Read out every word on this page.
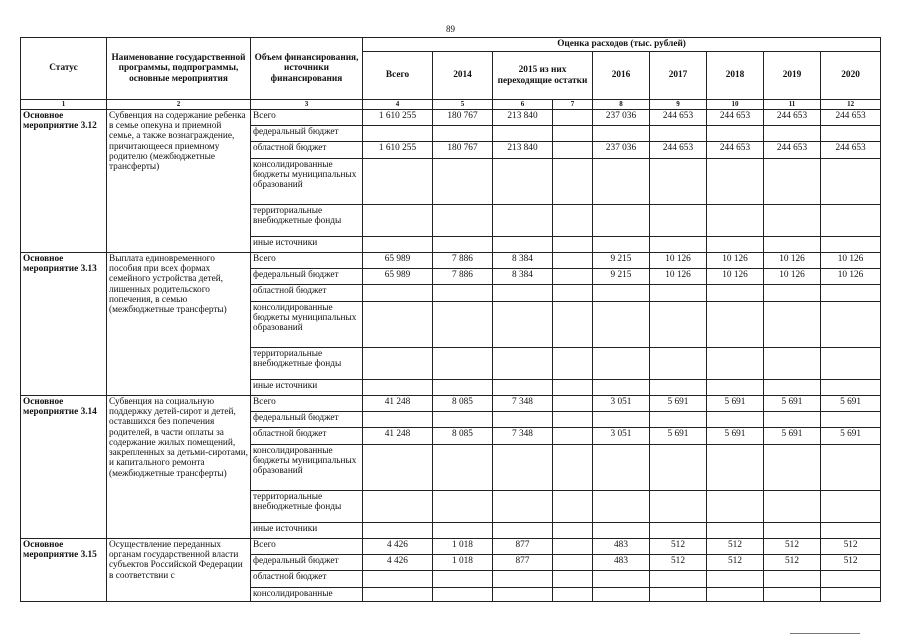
89
Статус	Наименование государственной программы, подпрограммы, основные мероприятия	Объем финансирования, источники финансирования	Оценка расходов (тыс. рублей)								
			Всего	2014	2015 из них переходящие остатки		2016	2017	2018	2019	2020
1	2	3	4	5	6	7	8	9	10	11	12
Основное мероприятие 3.12	Субвенция на содержание ребенка в семье опекуна и приемной семье, а также вознаграждение, причитающееся приемному родителю (межбюджетные трансферты)	Всего	1 610 255	180 767	213 840		237 036	244 653	244 653	244 653	244 653
		федеральный бюджет									
		областной бюджет	1 610 255	180 767	213 840		237 036	244 653	244 653	244 653	244 653
		консолидированные бюджеты муниципальных образований									
		территориальные внебюджетные фонды									
		иные источники									
Основное мероприятие 3.13	Выплата единовременного пособия при всех формах семейного устройства детей, лишенных родительского попечения, в семью (межбюджетные трансферты)	Всего	65 989	7 886	8 384		9 215	10 126	10 126	10 126	10 126
		федеральный бюджет	65 989	7 886	8 384		9 215	10 126	10 126	10 126	10 126
		областной бюджет									
		консолидированные бюджеты муниципальных образований									
		территориальные внебюджетные фонды									
		иные источники									
Основное мероприятие 3.14	Субвенция на социальную поддержку детей-сирот и детей, оставшихся без попечения родителей, в части оплаты за содержание жилых помещений, закрепленных за детьми-сиротами, и капитального ремонта (межбюджетные трансферты)	Всего	41 248	8 085	7 348		3 051	5 691	5 691	5 691	5 691
		федеральный бюджет									
		областной бюджет	41 248	8 085	7 348		3 051	5 691	5 691	5 691	5 691
		консолидированные бюджеты муниципальных образований									
		территориальные внебюджетные фонды									
		иные источники									
Основное мероприятие 3.15	Осуществление переданных органам государственной власти субъектов Российской Федерации в соответствии с	Всего	4 426	1 018	877		483	512	512	512	512
		федеральный бюджет	4 426	1 018	877		483	512	512	512	512
		областной бюджет									
		консолидированные									
